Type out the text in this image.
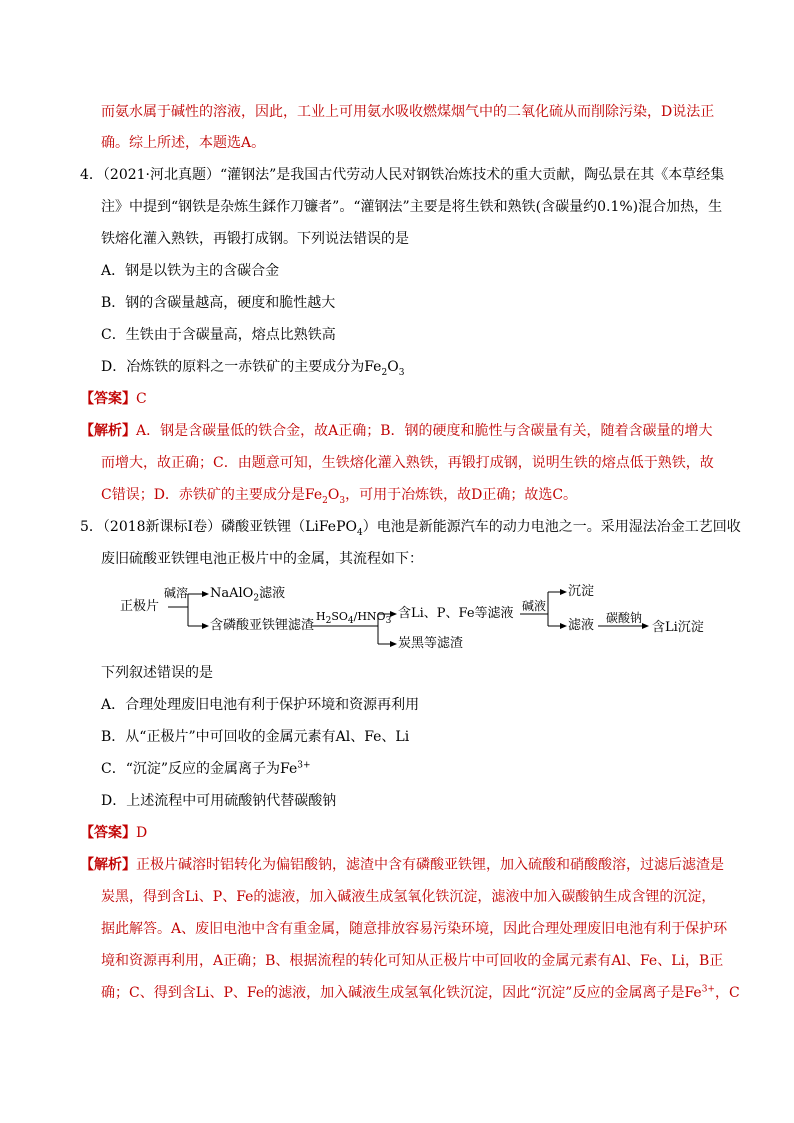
而氨水属于碱性的溶液，因此，工业上可用氨水吸收燃煤烟气中的二氧化硫从而削除污染，D说法正
确。综上所述，本题选A。
4．（2021·河北真题）“灌钢法”是我国古代劳动人民对钢铁冶炼技术的重大贡献，陶弘景在其《本草经集
注》中提到“钢铁是杂炼生鍒作刀镰者”。“灌钢法”主要是将生铁和熟铁(含碳量约0.1%)混合加热，生
铁熔化灌入熟铁，再锻打成钢。下列说法错误的是
A．钢是以铁为主的含碳合金
B．钢的含碳量越高，硬度和脆性越大
C．生铁由于含碳量高，熔点比熟铁高
D．冶炼铁的原料之一赤铁矿的主要成分为$Fe_2O_3$
【答案】C
【解析】A．钢是含碳量低的铁合金，故A正确；B．钢的硬度和脆性与含碳量有关，随着含碳量的增大
而增大，故正确；C．由题意可知，生铁熔化灌入熟铁，再锻打成钢，说明生铁的熔点低于熟铁，故
C错误；D．赤铁矿的主要成分是$Fe_2O_3$，可用于冶炼铁，故D正确；故选C。
5．（2018新课标Ⅰ卷）磷酸亚铁锂（LiFePO$_4$）电池是新能源汽车的动力电池之一。采用湿法冶金工艺回收
废旧硫酸亚铁锂电池正极片中的金属，其流程如下：
正极片
碱溶 NaAlO$_2$滤液
含磷酸亚铁锂滤渣
$H_2SO_4/HNO_3$
含Li、P、Fe等滤液
炭黑等滤渣
碱液
沉淀
滤液 碳酸钠
含Li沉淀
下列叙述错误的是
A．合理处理废旧电池有利于保护环境和资源再利用
B．从“正极片”中可回收的金属元素有Al、Fe、Li
C．“沉淀”反应的金属离子为$Fe^{3+}$
D．上述流程中可用硫酸钠代替碳酸钠
【答案】D
【解析】正极片碱溶时铝转化为偏铝酸钠，滤渣中含有磷酸亚铁锂，加入硫酸和硝酸酸溶，过滤后滤渣是
炭黑，得到含Li、P、Fe的滤液，加入碱液生成氢氧化铁沉淀，滤液中加入碳酸钠生成含锂的沉淀，
据此解答。A、废旧电池中含有重金属，随意排放容易污染环境，因此合理处理废旧电池有利于保护环
境和资源再利用，A正确；B、根据流程的转化可知从正极片中可回收的金属元素有Al、Fe、Li，B正
确；C、得到含Li、P、Fe的滤液，加入碱液生成氢氧化铁沉淀，因此“沉淀”反应的金属离子是$Fe^{3+}$，C
